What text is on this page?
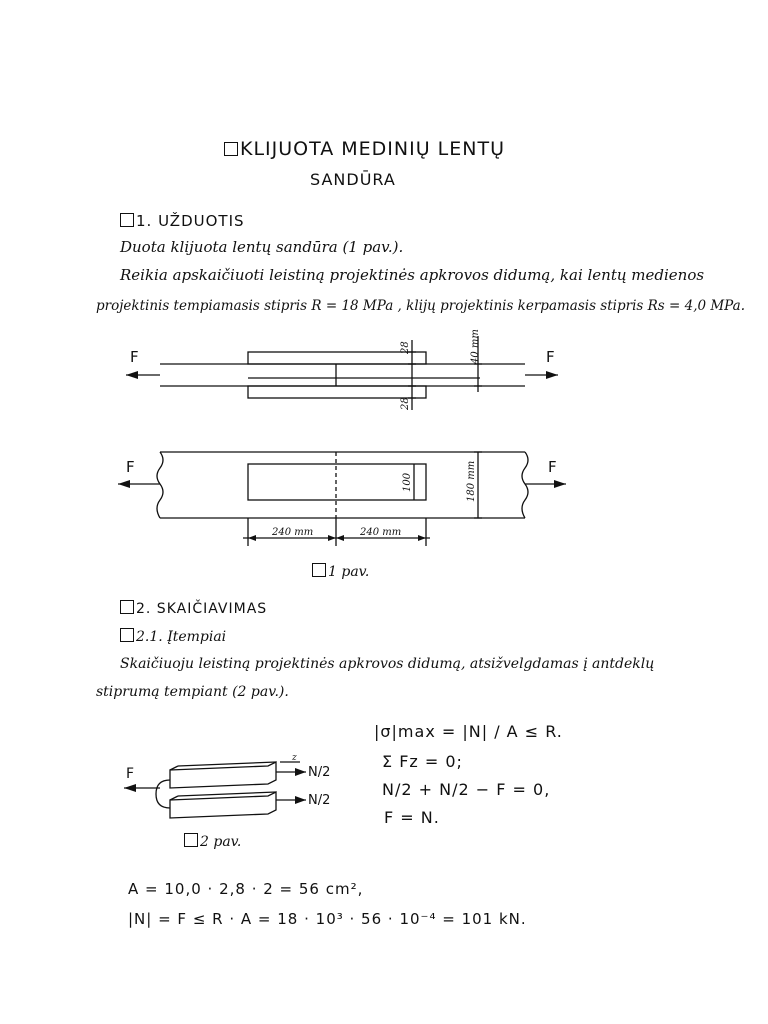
KLIJUOTA MEDINIŲ LENTŲ
SANDŪRA
1. UŽDUOTIS
Duota klijuota lentų sandūra (1 pav.).
Reikia apskaičiuoti leistiną projektinės apkrovos didumą, kai lentų medienos
projektinis tempiamasis stipris R = 18 MPa , klijų projektinis kerpamasis stipris Rs = 4,0 MPa.
F	F
F	F
28	40 mm
28
100	180 mm
240 mm	240 mm
F	N/2
N/2
z
1 pav.
2. SKAIČIAVIMAS
2.1. Įtempiai
Skaičiuoju leistiną projektinės apkrovos didumą, atsižvelgdamas į antdeklų
stiprumą tempiant (2 pav.).
|σ|max = |N| / A ≤ R.
Σ Fz = 0;
N/2 + N/2 − F = 0,
F = N.
2 pav.
A = 10,0 · 2,8 · 2 = 56 cm²,
|N| = F ≤ R · A = 18 · 10³ · 56 · 10⁻⁴ = 101 kN.
